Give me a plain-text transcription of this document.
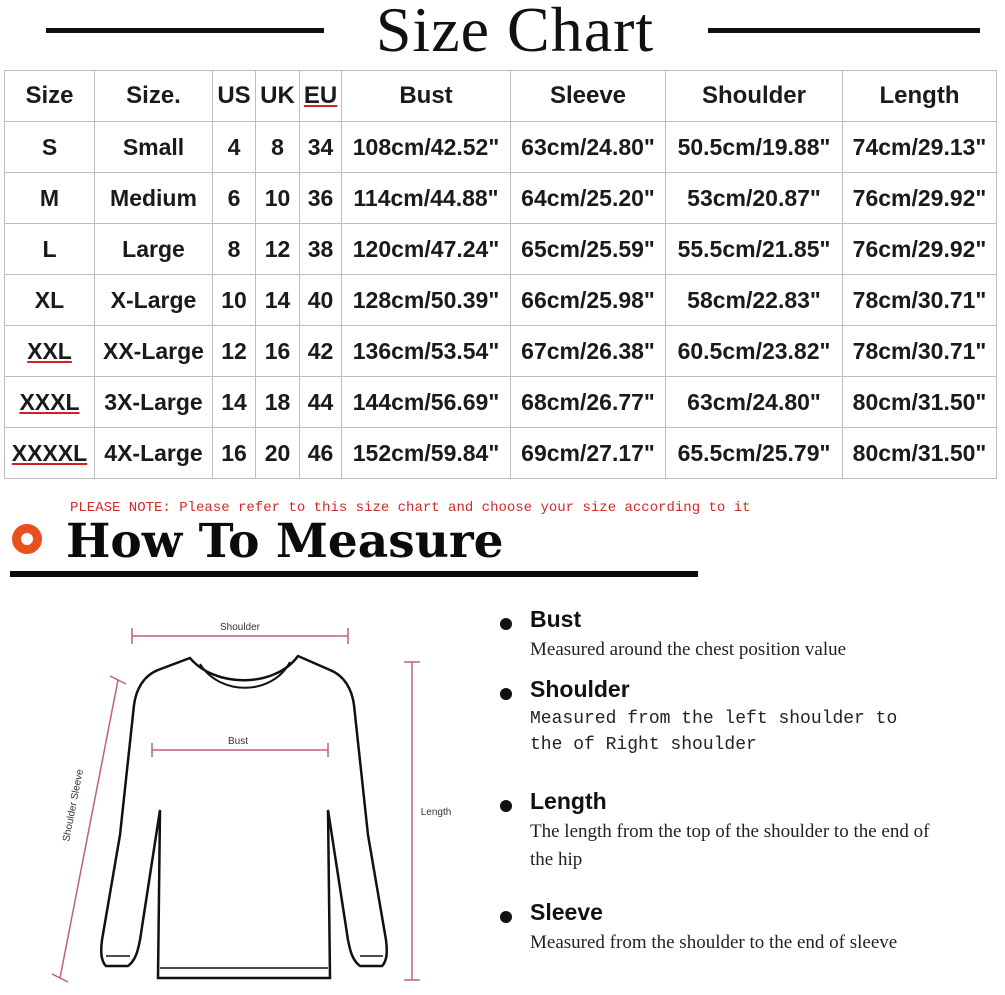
Size Chart
Size	Size.	US	UK	EU	Bust	Sleeve	Shoulder	Length
S	Small	4	8	34	108cm/42.52"	63cm/24.80"	50.5cm/19.88"	74cm/29.13"
M	Medium	6	10	36	114cm/44.88"	64cm/25.20"	53cm/20.87"	76cm/29.92"
L	Large	8	12	38	120cm/47.24"	65cm/25.59"	55.5cm/21.85"	76cm/29.92"
XL	X-Large	10	14	40	128cm/50.39"	66cm/25.98"	58cm/22.83"	78cm/30.71"
XXL	XX-Large	12	16	42	136cm/53.54"	67cm/26.38"	60.5cm/23.82"	78cm/30.71"
XXXL	3X-Large	14	18	44	144cm/56.69"	68cm/26.77"	63cm/24.80"	80cm/31.50"
XXXXL	4X-Large	16	20	46	152cm/59.84"	69cm/27.17"	65.5cm/25.79"	80cm/31.50"
PLEASE NOTE: Please refer to this size chart and choose your size according to it
How To Measure
Shoulder
Bust
Length
Shoulder Sleeve
Bust
Measured around the chest position value
Shoulder
Measured from the left shoulder to the of Right shoulder
Length
The length from the top of the shoulder to the end of the hip
Sleeve
Measured from the shoulder to the end of sleeve
